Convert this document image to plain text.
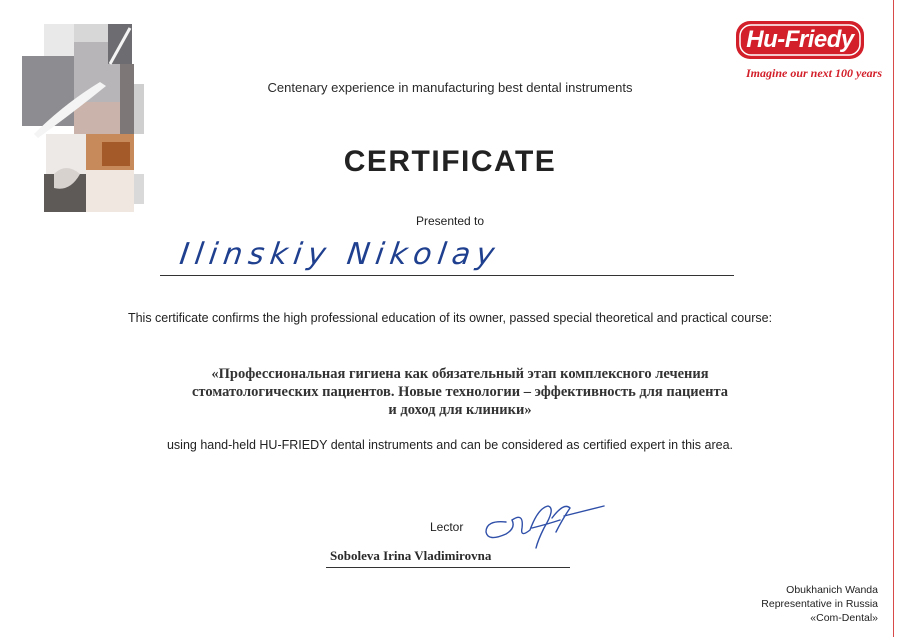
Hu-Friedy
Imagine our next 100 years
Centenary experience in manufacturing best dental instruments
CERTIFICATE
Presented to
Ilinskiy Nikolay
This certificate confirms the high professional education of its owner, passed special theoretical and practical course:
«Профессиональная гигиена как обязательный этап комплексного лечения
стоматологических пациентов. Новые технологии – эффективность для пациента
и доход для клиники»
using hand-held HU-FRIEDY dental instruments and can be considered as certified expert in this area.
Lector
Soboleva Irina Vladimirovna
Obukhanich Wanda
Representative in Russia
«Com-Dental»
